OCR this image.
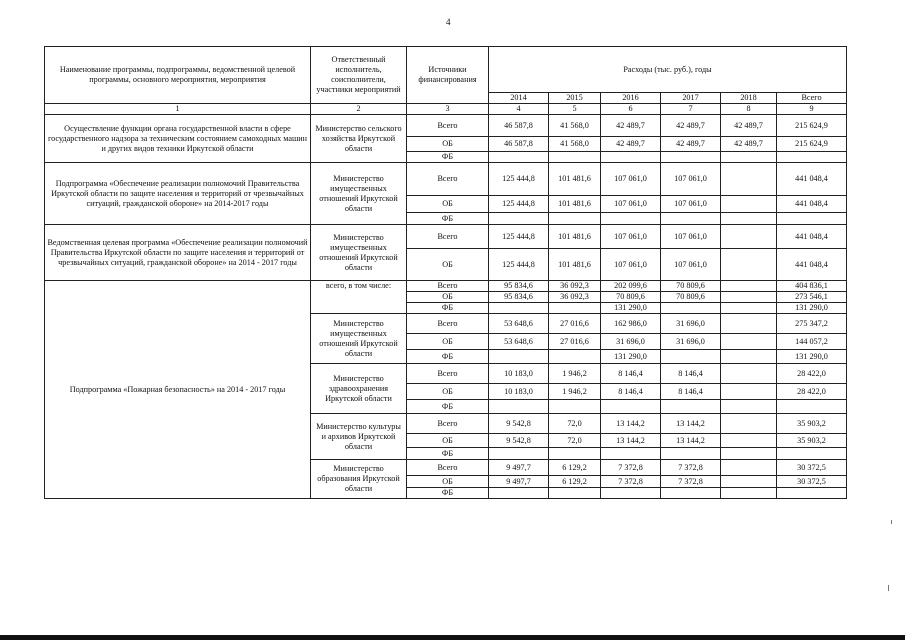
4
Наименование программы, подпрограммы, ведомственной целевой программы, основного мероприятия, мероприятия	Ответственный исполнитель, соисполнители, участники мероприятий	Источники финансирования	Расходы (тыс. руб.), годы					
			2014	2015	2016	2017	2018	Всего
1	2	3	4	5	6	7	8	9
Осуществление функции органа государственной власти в сфере государственного надзора за техническим состоянием самоходных машин и других видов техники Иркутской области	Министерство сельского хозяйства Иркутской области	Всего	46 587,8	41 568,0	42 489,7	42 489,7	42 489,7	215 624,9
		ОБ	46 587,8	41 568,0	42 489,7	42 489,7	42 489,7	215 624,9
		ФБ						
Подпрограмма «Обеспечение реализации полномочий Правительства Иркутской области по защите населения и территорий от чрезвычайных ситуаций, гражданской обороне» на 2014-2017 годы	Министерство имущественных отношений Иркутской области	Всего	125 444,8	101 481,6	107 061,0	107 061,0		441 048,4
		ОБ	125 444,8	101 481,6	107 061,0	107 061,0		441 048,4
		ФБ						
Ведомственная целевая программа «Обеспечение реализации полномочий Правительства Иркутской области по защите населения и территорий от чрезвычайных ситуаций, гражданской обороне» на 2014 - 2017 годы	Министерство имущественных отношений Иркутской области	Всего	125 444,8	101 481,6	107 061,0	107 061,0		441 048,4
		ОБ	125 444,8	101 481,6	107 061,0	107 061,0		441 048,4
Подпрограмма «Пожарная безопасность» на 2014 - 2017 годы	всего, в том числе:	Всего	95 834,6	36 092,3	202 099,6	70 809,6		404 836,1
		ОБ	95 834,6	36 092,3	70 809,6	70 809,6		273 546,1
		ФБ			131 290,0			131 290,0
	Министерство имущественных отношений Иркутской области	Всего	53 648,6	27 016,6	162 986,0	31 696,0		275 347,2
		ОБ	53 648,6	27 016,6	31 696,0	31 696,0		144 057,2
		ФБ			131 290,0			131 290,0
	Министерство здравоохранения Иркутской области	Всего	10 183,0	1 946,2	8 146,4	8 146,4		28 422,0
		ОБ	10 183,0	1 946,2	8 146,4	8 146,4		28 422,0
		ФБ						
	Министерство культуры и архивов Иркутской области	Всего	9 542,8	72,0	13 144,2	13 144,2		35 903,2
		ОБ	9 542,8	72,0	13 144,2	13 144,2		35 903,2
		ФБ						
	Министерство образования Иркутской области	Всего	9 497,7	6 129,2	7 372,8	7 372,8		30 372,5
		ОБ	9 497,7	6 129,2	7 372,8	7 372,8		30 372,5
		ФБ						
